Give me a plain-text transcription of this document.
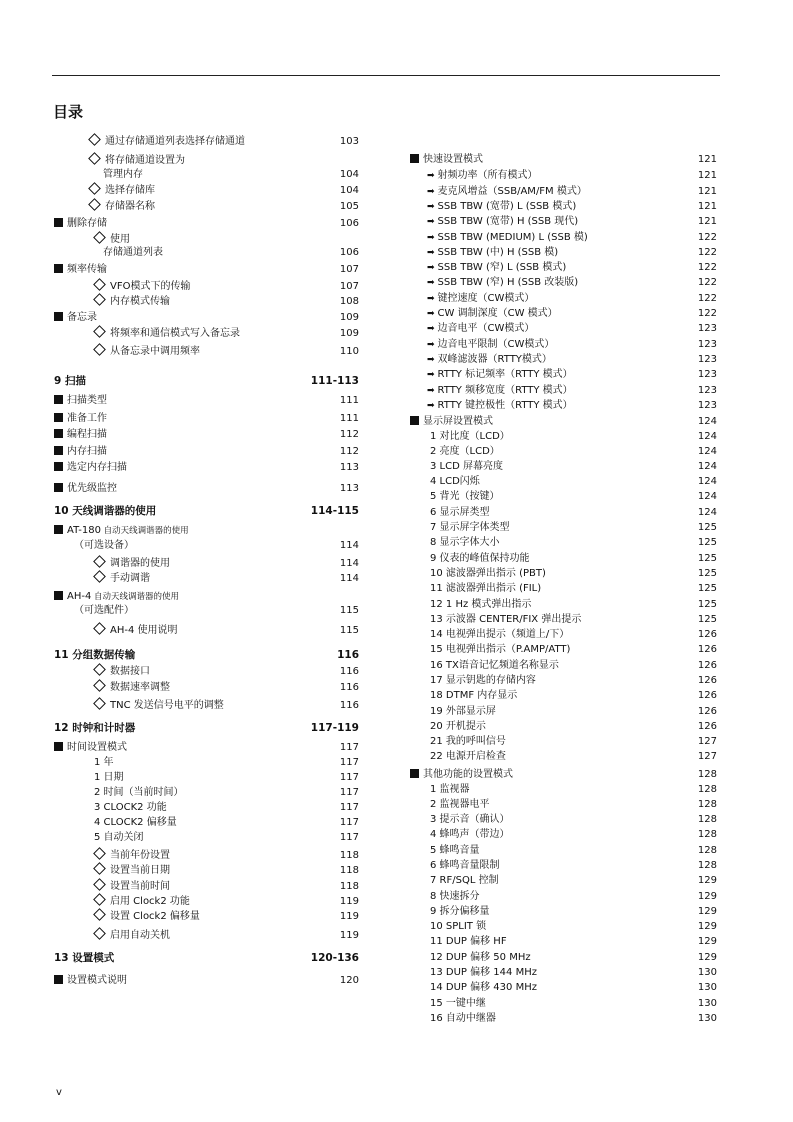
目录
通过存储通道列表选择存储通道	103
将存储通道设置为
管理内存	104
选择存储库	104
存储器名称	105
删除存储	106
使用
存储通道列表	106
频率传输	107
VFO模式下的传输	107
内存模式传输	108
备忘录	109
将频率和通信模式写入备忘录	109
从备忘录中调用频率	110
9 扫描	111-113
扫描类型	111
准备工作	111
编程扫描	112
内存扫描	112
选定内存扫描	113
优先级监控	113
10 天线调谐器的使用	114-115
AT-180 自动天线调谐器的使用
（可选设备）	114
调谐器的使用	114
手动调谐	114
AH-4 自动天线调谐器的使用
（可选配件）	115
AH-4 使用说明	115
11 分组数据传输	116
数据接口	116
数据速率调整	116
TNC 发送信号电平的调整	116
12 时钟和计时器	117-119
时间设置模式	117
1 年	117
1 日期	117
2 时间（当前时间）	117
3 CLOCK2 功能	117
4 CLOCK2 偏移量	117
5 自动关闭	117
当前年份设置	118
设置当前日期	118
设置当前时间	118
启用 Clock2 功能	119
设置 Clock2 偏移量	119
启用自动关机	119
13 设置模式	120-136
设置模式说明	120
快速设置模式	121
➡ 射频功率（所有模式）	121
➡ 麦克风增益（SSB/AM/FM 模式）	121
➡ SSB TBW (宽带) L (SSB 模式)	121
➡ SSB TBW (宽带) H (SSB 现代)	121
➡ SSB TBW (MEDIUM) L (SSB 模)	122
➡ SSB TBW (中) H (SSB 模)	122
➡ SSB TBW (窄) L (SSB 模式)	122
➡ SSB TBW (窄) H (SSB 改装版)	122
➡ 键控速度（CW模式）	122
➡ CW 调制深度（CW 模式）	122
➡ 边音电平（CW模式）	123
➡ 边音电平限制（CW模式）	123
➡ 双峰滤波器（RTTY模式）	123
➡ RTTY 标记频率（RTTY 模式）	123
➡ RTTY 频移宽度（RTTY 模式）	123
➡ RTTY 键控极性（RTTY 模式）	123
显示屏设置模式	124
1 对比度（LCD）	124
2 亮度（LCD）	124
3 LCD 屏幕亮度	124
4 LCD闪烁	124
5 背光（按键）	124
6 显示屏类型	124
7 显示屏字体类型	125
8 显示字体大小	125
9 仪表的峰值保持功能	125
10 滤波器弹出指示 (PBT)	125
11 滤波器弹出指示 (FIL)	125
12 1 Hz 模式弹出指示	125
13 示波器 CENTER/FIX 弹出提示	125
14 电视弹出提示（频道上/下）	126
15 电视弹出指示（P.AMP/ATT)	126
16 TX语音记忆频道名称显示	126
17 显示钥匙的存储内容	126
18 DTMF 内存显示	126
19 外部显示屏	126
20 开机提示	126
21 我的呼叫信号	127
22 电源开启检查	127
其他功能的设置模式	128
1 监视器	128
2 监视器电平	128
3 提示音（确认）	128
4 蜂鸣声（带边）	128
5 蜂鸣音量	128
6 蜂鸣音量限制	128
7 RF/SQL 控制	129
8 快速拆分	129
9 拆分偏移量	129
10 SPLIT 锁	129
11 DUP 偏移 HF	129
12 DUP 偏移 50 MHz	129
13 DUP 偏移 144 MHz	130
14 DUP 偏移 430 MHz	130
15 一键中继	130
16 自动中继器	130
v
